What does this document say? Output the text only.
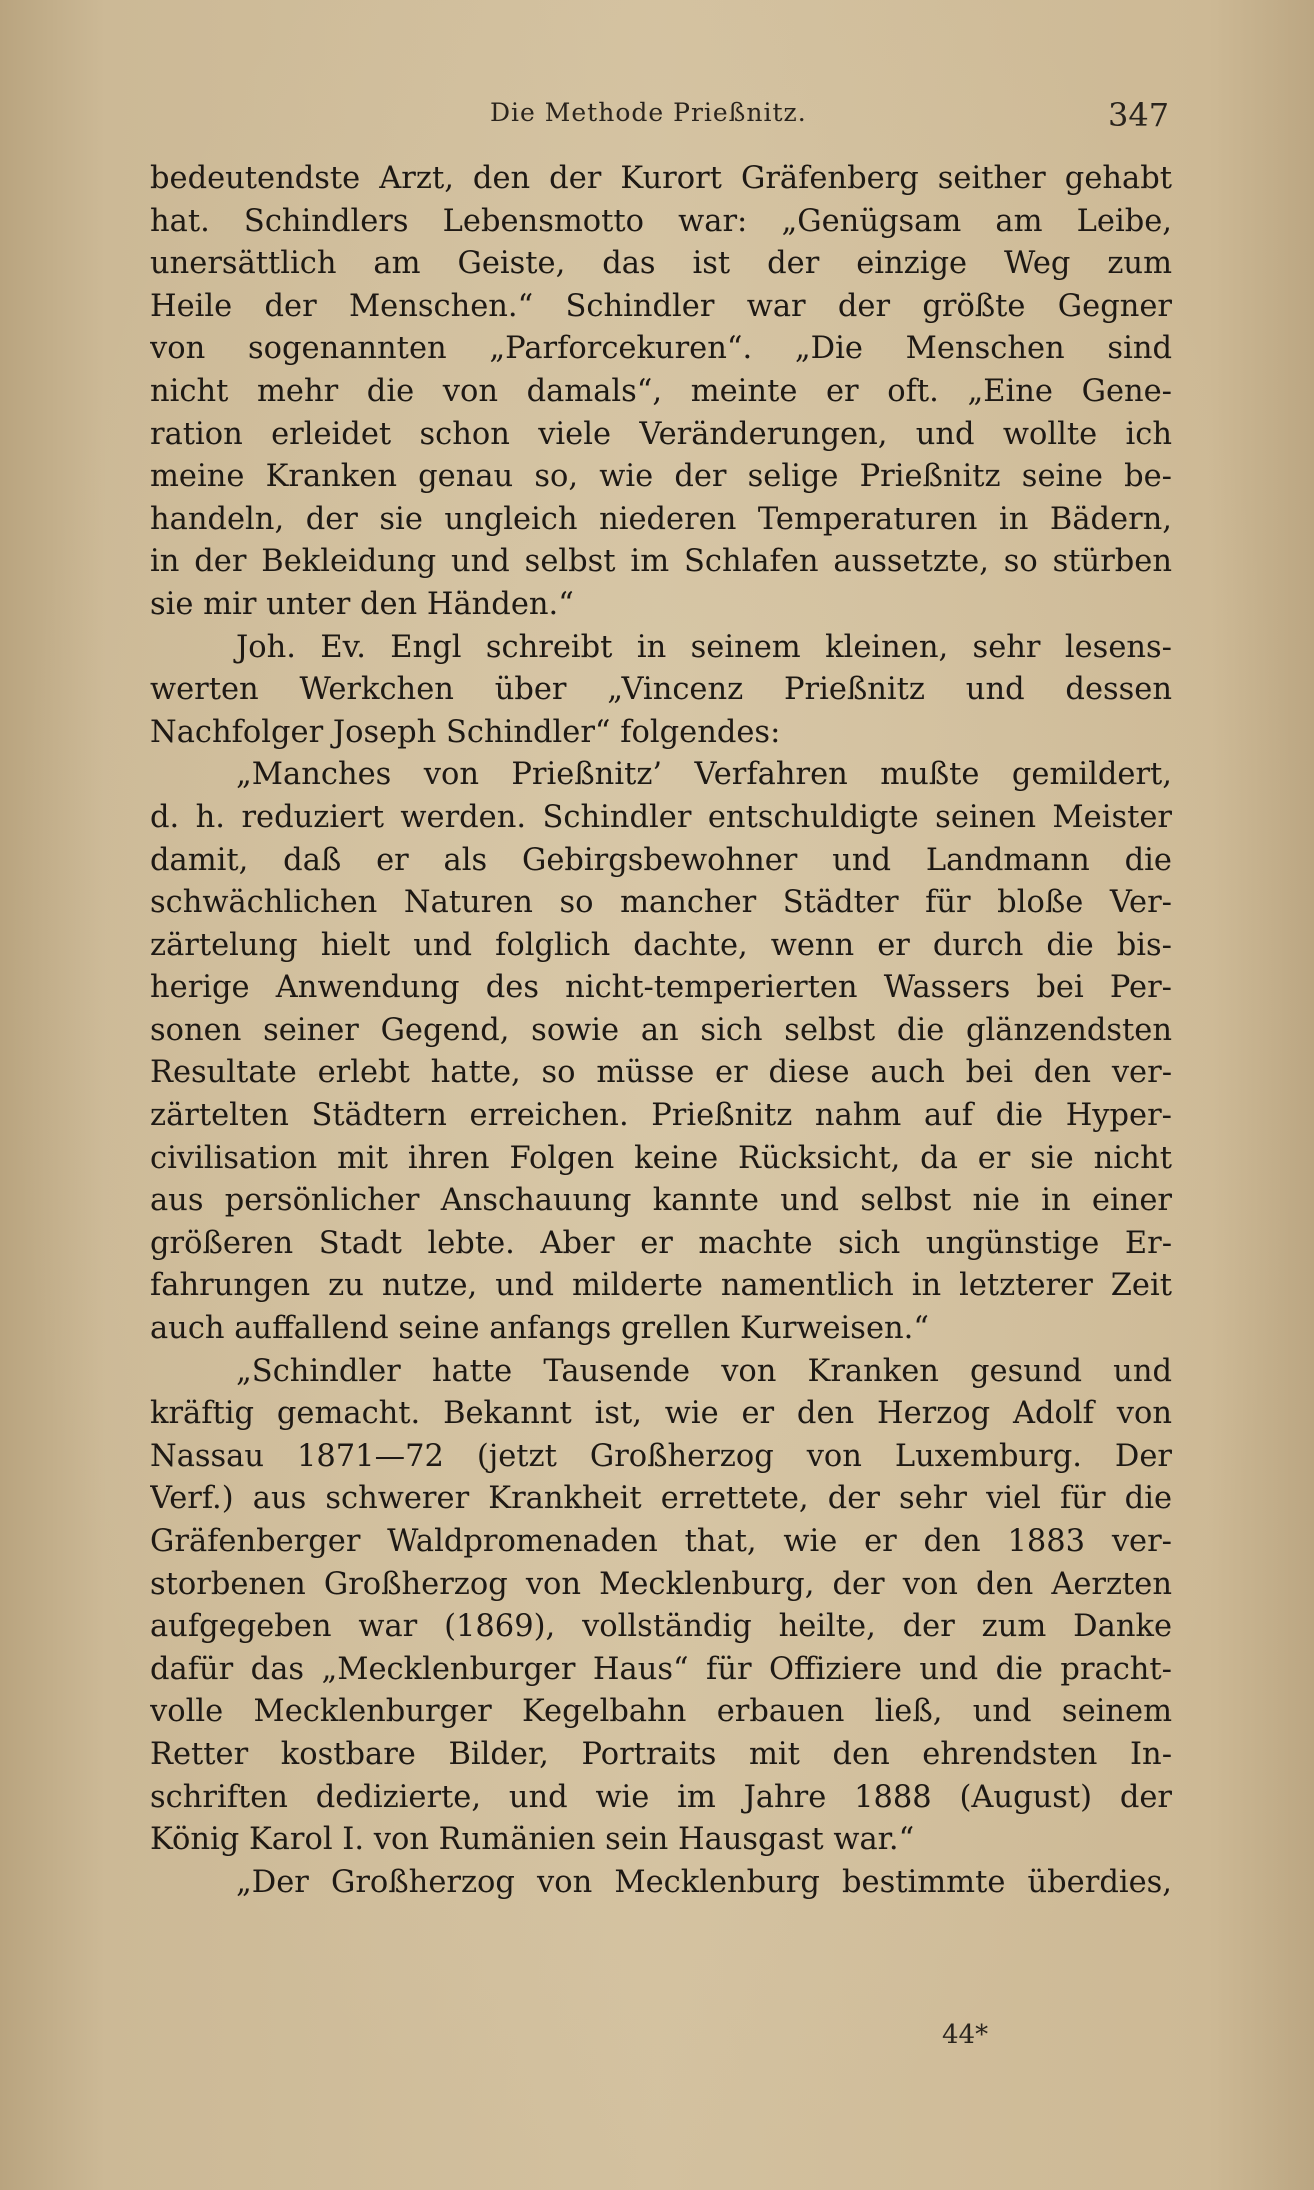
Die Methode Prießnitz.	347
bedeutendste Arzt, den der Kurort Gräfenberg seither gehabt
hat. Schindlers Lebensmotto war: „Genügsam am Leibe,
unersättlich am Geiste, das ist der einzige Weg zum
Heile der Menschen.“ Schindler war der größte Gegner
von sogenannten „Parforcekuren“. „Die Menschen sind
nicht mehr die von damals“, meinte er oft. „Eine Gene-
ration erleidet schon viele Veränderungen, und wollte ich
meine Kranken genau so, wie der selige Prießnitz seine be-
handeln, der sie ungleich niederen Temperaturen in Bädern,
in der Bekleidung und selbst im Schlafen aussetzte, so stürben
sie mir unter den Händen.“
Joh. Ev. Engl schreibt in seinem kleinen, sehr lesens-
werten Werkchen über „Vincenz Prießnitz und dessen
Nachfolger Joseph Schindler“ folgendes:
„Manches von Prießnitz’ Verfahren mußte gemildert,
d. h. reduziert werden. Schindler entschuldigte seinen Meister
damit, daß er als Gebirgsbewohner und Landmann die
schwächlichen Naturen so mancher Städter für bloße Ver-
zärtelung hielt und folglich dachte, wenn er durch die bis-
herige Anwendung des nicht-temperierten Wassers bei Per-
sonen seiner Gegend, sowie an sich selbst die glänzendsten
Resultate erlebt hatte, so müsse er diese auch bei den ver-
zärtelten Städtern erreichen. Prießnitz nahm auf die Hyper-
civilisation mit ihren Folgen keine Rücksicht, da er sie nicht
aus persönlicher Anschauung kannte und selbst nie in einer
größeren Stadt lebte. Aber er machte sich ungünstige Er-
fahrungen zu nutze, und milderte namentlich in letzterer Zeit
auch auffallend seine anfangs grellen Kurweisen.“
„Schindler hatte Tausende von Kranken gesund und
kräftig gemacht. Bekannt ist, wie er den Herzog Adolf von
Nassau 1871—72 (jetzt Großherzog von Luxemburg. Der
Verf.) aus schwerer Krankheit errettete, der sehr viel für die
Gräfenberger Waldpromenaden that, wie er den 1883 ver-
storbenen Großherzog von Mecklenburg, der von den Aerzten
aufgegeben war (1869), vollständig heilte, der zum Danke
dafür das „Mecklenburger Haus“ für Offiziere und die pracht-
volle Mecklenburger Kegelbahn erbauen ließ, und seinem
Retter kostbare Bilder, Portraits mit den ehrendsten In-
schriften dedizierte, und wie im Jahre 1888 (August) der
König Karol I. von Rumänien sein Hausgast war.“
„Der Großherzog von Mecklenburg bestimmte überdies,
44*
